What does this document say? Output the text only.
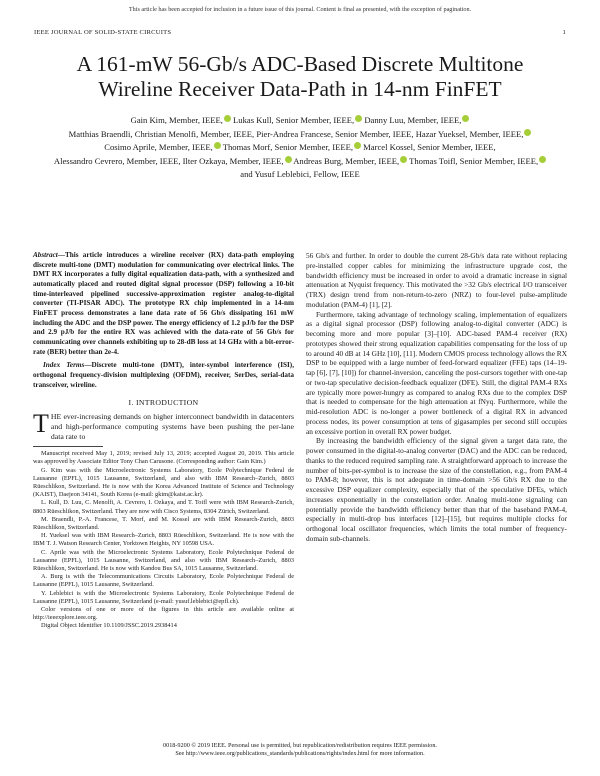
This article has been accepted for inclusion in a future issue of this journal. Content is final as presented, with the exception of pagination.
IEEE JOURNAL OF SOLID-STATE CIRCUITS	1
A 161-mW 56-Gb/s ADC-Based Discrete Multitone
Wireline Receiver Data-Path in 14-nm FinFET
Gain Kim, Member, IEEE, Lukas Kull, Senior Member, IEEE, Danny Luu, Member, IEEE, Matthias Braendli, Christian Menolfi, Member, IEEE, Pier-Andrea Francese, Senior Member, IEEE, Hazar Yueksel, Member, IEEE, Cosimo Aprile, Member, IEEE, Thomas Morf, Senior Member, IEEE, Marcel Kossel, Senior Member, IEEE, Alessandro Cevrero, Member, IEEE, Ilter Ozkaya, Member, IEEE, Andreas Burg, Member, IEEE, Thomas Toifl, Senior Member, IEEE, and Yusuf Leblebici, Fellow, IEEE

Abstract—This article introduces a wireline receiver (RX) data-path employing discrete multi-tone (DMT) modulation for communicating over electrical links. The DMT RX incorporates a fully digital equalization data-path, with a synthesized and automatically placed and routed digital signal processor (DSP) following a 10-bit time-interleaved pipelined successive-approximation register analog-to-digital converter (TI-PISAR ADC). The prototype RX chip implemented in a 14-nm FinFET process demonstrates a lane data rate of 56 Gb/s dissipating 161 mW including the ADC and the DSP power. The energy efficiency of 1.2 pJ/b for the DSP and 2.9 pJ/b for the entire RX was achieved with the data-rate of 56 Gb/s for communicating over channels exhibiting up to 28-dB loss at 14 GHz with a bit-error-rate (BER) better than 2e-4.

Index Terms—Discrete multi-tone (DMT), inter-symbol interference (ISI), orthogonal frequency-division multiplexing (OFDM), receiver, SerDes, serial-data transceiver, wireline.

I. INTRODUCTION

THE ever-increasing demands on higher interconnect bandwidth in datacenters and high-performance computing systems have been pushing the per-lane data rate to

Manuscript received May 1, 2019; revised July 13, 2019; accepted August 20, 2019. This article was approved by Associate Editor Tony Chan Carusone. (Corresponding author: Gain Kim.)

G. Kim was with the Microelectronic Systems Laboratory, Ecole Polytechnique Federal de Lausanne (EPFL), 1015 Lausanne, Switzerland, and also with IBM Research–Zurich, 8803 Rüeschlikon, Switzerland. He is now with the Korea Advanced Institute of Science and Technology (KAIST), Daejeon 34141, South Korea (e-mail: gkim@kaist.ac.kr).

L. Kull, D. Luu, C. Menolfi, A. Cevrero, I. Ozkaya, and T. Toifl were with IBM Research-Zurich, 8803 Rüeschlikon, Switzerland. They are now with Cisco Systems, 8304 Zürich, Switzerland.

M. Braendli, P.-A. Francese, T. Morf, and M. Kossel are with IBM Research-Zurich, 8803 Rüeschlikon, Switzerland.

H. Yueksel was with IBM Research–Zurich, 8803 Rüeschlikon, Switzerland. He is now with the IBM T. J. Watson Research Center, Yorktown Heights, NY 10598 USA.

C. Aprile was with the Microelectronic Systems Laboratory, Ecole Polytechnique Federal de Lausanne (EPFL), 1015 Lausanne, Switzerland, and also with IBM Research–Zurich, 8803 Rüeschlikon, Switzerland. He is now with Kandou Bus SA, 1015 Lausanne, Switzerland.

A. Burg is with the Telecommunications Circuits Laboratory, Ecole Polytechnique Federal de Lausanne (EPFL), 1015 Lausanne, Switzerland.

Y. Leblebici is with the Microelectronic Systems Laboratory, Ecole Polytechnique Federal de Lausanne (EPFL), 1015 Lausanne, Switzerland (e-mail: yusuf.leblebici@epfl.ch).

Color versions of one or more of the figures in this article are available online at http://ieeexplore.ieee.org.

Digital Object Identifier 10.1109/JSSC.2019.2938414

56 Gb/s and further. In order to double the current 28-Gb/s data rate without replacing pre-installed copper cables for minimizing the infrastructure upgrade cost, the bandwidth efficiency must be increased in order to avoid a dramatic increase in signal attenuation at Nyquist frequency. This motivated the >32 Gb/s electrical I/O transceiver (TRX) design trend from non-return-to-zero (NRZ) to four-level pulse-amplitude modulation (PAM-4) [1], [2].

Furthermore, taking advantage of technology scaling, implementation of equalizers as a digital signal processor (DSP) following analog-to-digital converter (ADC) is becoming more and more popular [3]–[10]. ADC-based PAM-4 receiver (RX) prototypes showed their strong equalization capabilities compensating for the loss of up to around 40 dB at 14 GHz [10], [11]. Modern CMOS process technology allows the RX DSP to be equipped with a large number of feed-forward equalizer (FFE) taps (14–19-tap [6], [7], [10]) for channel-inversion, canceling the post-cursors together with one-tap or two-tap speculative decision-feedback equalizer (DFE). Still, the digital PAM-4 RXs are typically more power-hungry as compared to analog RXs due to the complex DSP that is needed to compensate for the high attenuation at fNyq. Furthermore, while the mid-resolution ADC is no-longer a power bottleneck of a digital RX in advanced process nodes, its power consumption at tens of gigasamples per second still occupies an excessive portion in overall RX power budget.

By increasing the bandwidth efficiency of the signal given a target data rate, the power consumed in the digital-to-analog converter (DAC) and the ADC can be reduced, thanks to the reduced required sampling rate. A straightforward approach to increase the number of bits-per-symbol is to increase the size of the constellation, e.g., from PAM-4 to PAM-8; however, this is not adequate in time-domain >56 Gb/s RX due to the excessive DSP equalizer complexity, especially that of the speculative DFEs, which increases exponentially in the constellation order. Analog multi-tone signaling can potentially provide the bandwidth efficiency better than that of the baseband PAM-4, especially in multi-drop bus interfaces [12]–[15], but requires multiple clocks for orthogonal local oscillator frequencies, which limits the total number of frequency-domain sub-channels.

0018-9200 © 2019 IEEE. Personal use is permitted, but republication/redistribution requires IEEE permission.
See http://www.ieee.org/publications_standards/publications/rights/index.html for more information.
